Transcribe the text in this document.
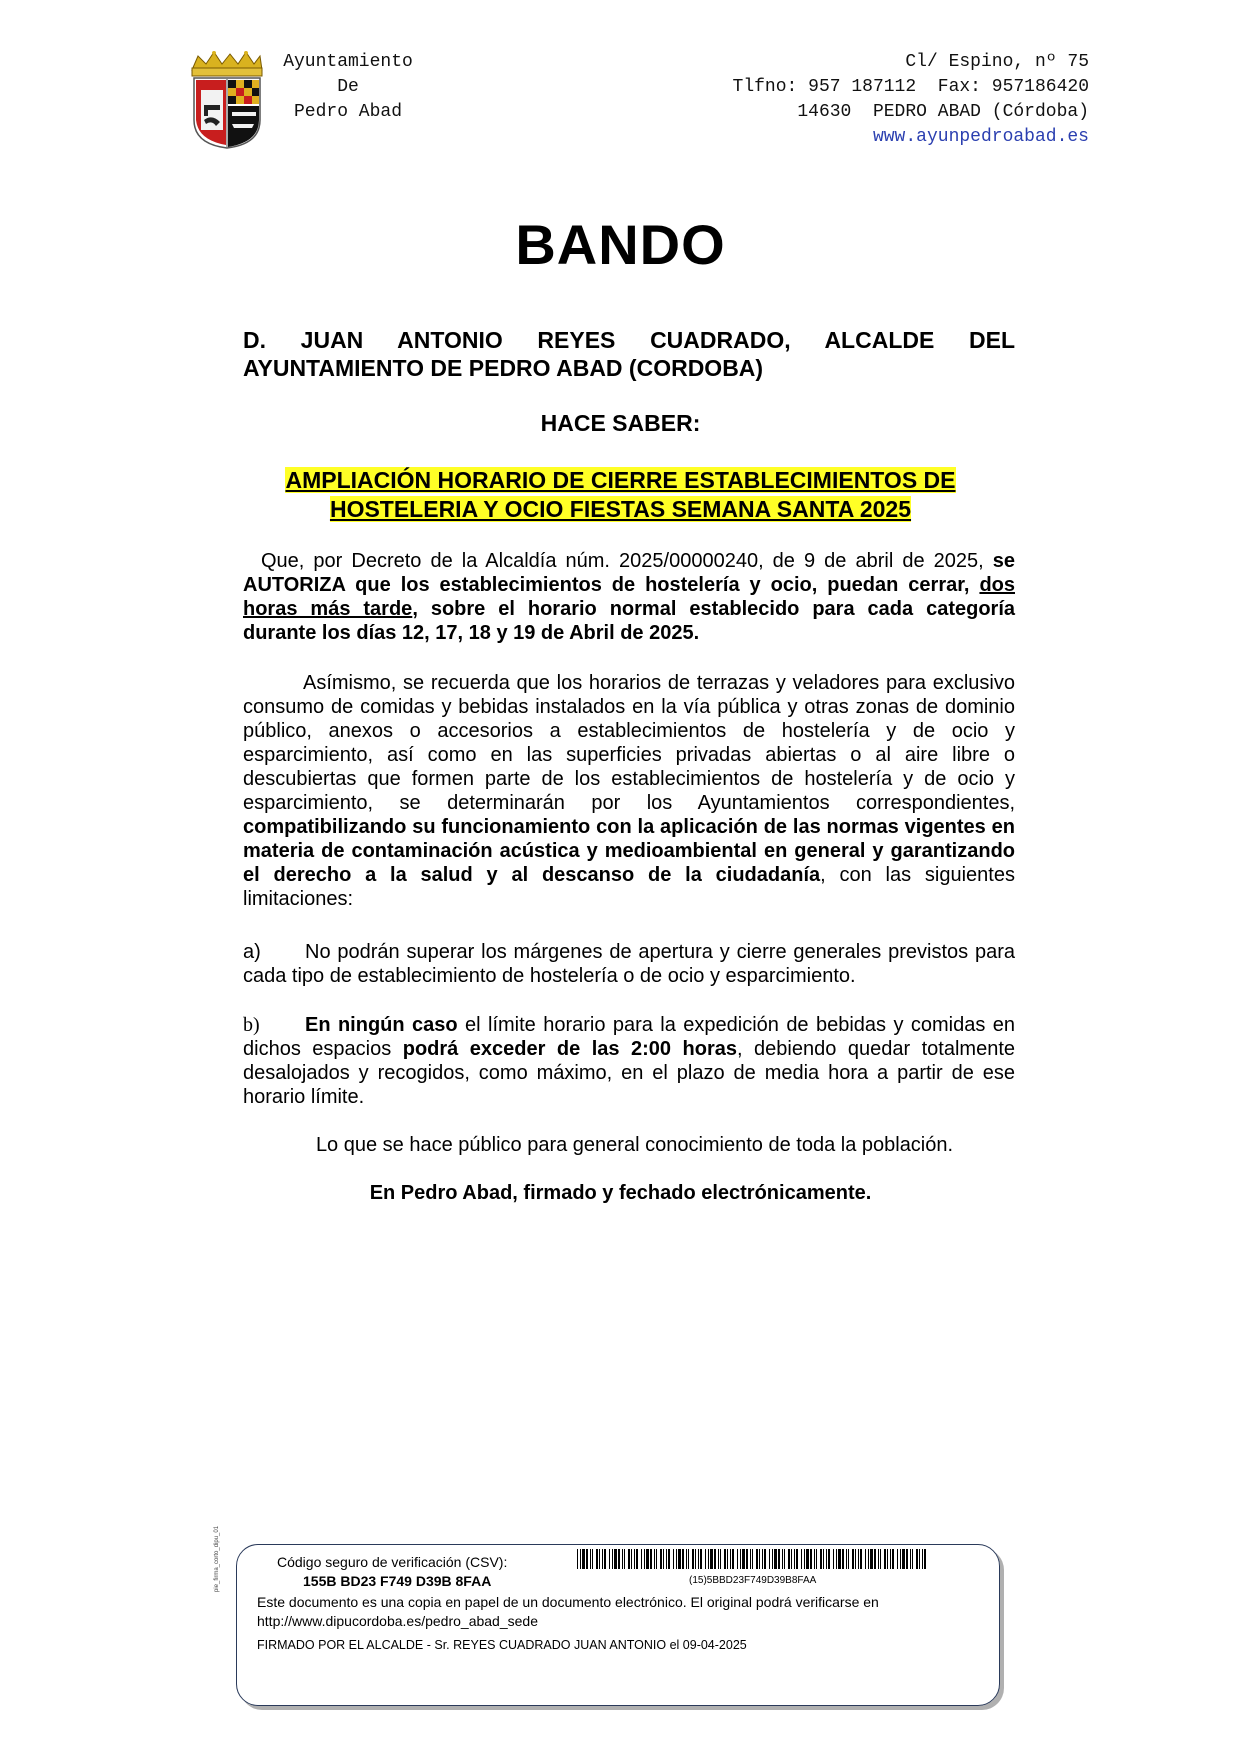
Ayuntamiento
De
Pedro Abad
Cl/ Espino, nº 75
Tlfno: 957 187112  Fax: 957186420
14630  PEDRO ABAD (Córdoba)
www.ayunpedroabad.es
BANDO
D. JUAN ANTONIO REYES CUADRADO, ALCALDE DEL
AYUNTAMIENTO DE PEDRO ABAD (CORDOBA)
HACE SABER:
AMPLIACIÓN HORARIO DE CIERRE ESTABLECIMIENTOS DE
HOSTELERIA Y OCIO FIESTAS SEMANA SANTA 2025
Que, por Decreto de la Alcaldía núm. 2025/00000240, de 9 de abril de 2025, se AUTORIZA que los establecimientos de hostelería y ocio, puedan cerrar, dos horas más tarde, sobre el horario normal establecido para cada categoría durante los días 12, 17, 18 y 19 de Abril de 2025.
Asímismo, se recuerda que los horarios de terrazas y veladores para exclusivo consumo de comidas y bebidas instalados en la vía pública y otras zonas de dominio público, anexos o accesorios a establecimientos de hostelería y de ocio y esparcimiento, así como en las superficies privadas abiertas o al aire libre o descubiertas que formen parte de los establecimientos de hostelería y de ocio y esparcimiento, se determinarán por los Ayuntamientos correspondientes, compatibilizando su funcionamiento con la aplicación de las normas vigentes en materia de contaminación acústica y medioambiental en general y garantizando el derecho a la salud y al descanso de la ciudadanía, con las siguientes limitaciones:
a) No podrán superar los márgenes de apertura y cierre generales previstos para cada tipo de establecimiento de hostelería o de ocio y esparcimiento.
b) En ningún caso el límite horario para la expedición de bebidas y comidas en dichos espacios podrá exceder de las 2:00 horas, debiendo quedar totalmente desalojados y recogidos, como máximo, en el plazo de media hora a partir de ese horario límite.
Lo que se hace público para general conocimiento de toda la población.
En Pedro Abad, firmado y fechado electrónicamente.
pie_firma_corto_dipu_01	Código seguro de verificación (CSV):
155B BD23 F749 D39B 8FAA	(15)5BBD23F749D39B8FAA
Este documento es una copia en papel de un documento electrónico. El original podrá verificarse en http://www.dipucordoba.es/pedro_abad_sede
FIRMADO POR EL ALCALDE - Sr. REYES CUADRADO JUAN ANTONIO el 09-04-2025
